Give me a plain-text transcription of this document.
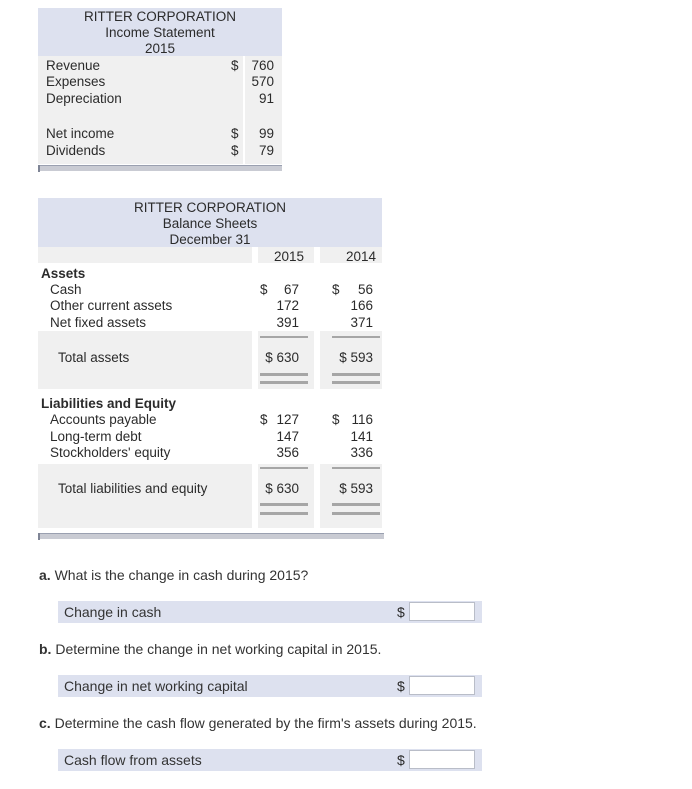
RITTER CORPORATION
Income Statement
2015
Revenue	$ 760
Expenses	570
Depreciation	91
Net income	$	99
Dividends	$	79
RITTER CORPORATION
Balance Sheets
December 31
2015	2014
Assets
Cash	$	67 $	56
Other current assets	172	166
Net fixed assets	391	371
Total assets	$ 630	$ 593
Liabilities and Equity
Accounts payable	$ 127 $ 116
Long-term debt	147	141
Stockholders' equity	356	336
Total liabilities and equity	$ 630	$ 593
a. What is the change in cash during 2015?
Change in cash	$
b. Determine the change in net working capital in 2015.
Change in net working capital	$
c. Determine the cash flow generated by the firm's assets during 2015.
Cash flow from assets	$
